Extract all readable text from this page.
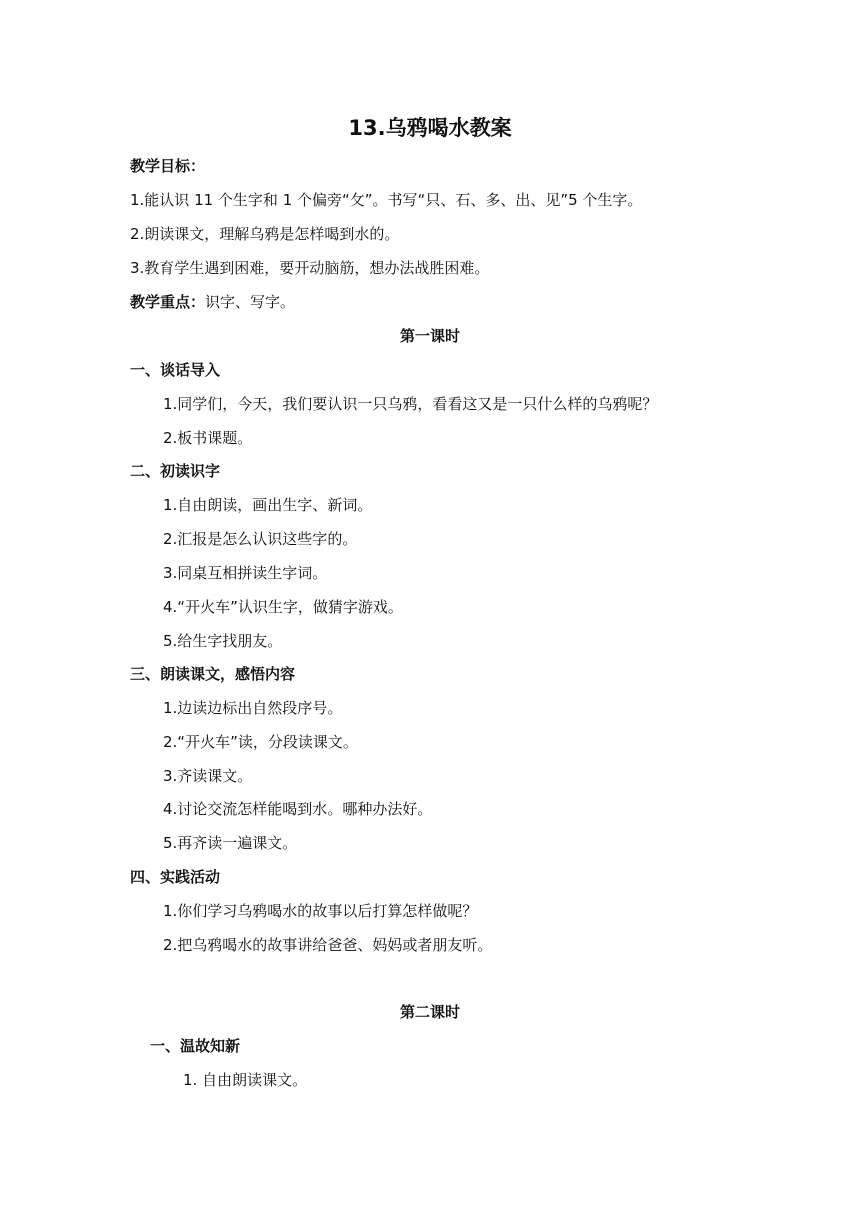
13.乌鸦喝水教案
教学目标：
1.能认识 11 个生字和 1 个偏旁“攵”。书写“只、石、多、出、见”5 个生字。
2.朗读课文，理解乌鸦是怎样喝到水的。
3.教育学生遇到困难，要开动脑筋，想办法战胜困难。
教学重点：识字、写字。
第一课时
一、谈话导入
1.同学们，今天，我们要认识一只乌鸦，看看这又是一只什么样的乌鸦呢？
2.板书课题。
二、初读识字
1.自由朗读，画出生字、新词。
2.汇报是怎么认识这些字的。
3.同桌互相拼读生字词。
4.“开火车”认识生字，做猜字游戏。
5.给生字找朋友。
三、朗读课文，感悟内容
1.边读边标出自然段序号。
2.“开火车”读，分段读课文。
3.齐读课文。
4.讨论交流怎样能喝到水。哪种办法好。
5.再齐读一遍课文。
四、实践活动
1.你们学习乌鸦喝水的故事以后打算怎样做呢？
2.把乌鸦喝水的故事讲给爸爸、妈妈或者朋友听。
第二课时
一、温故知新
1. 自由朗读课文。
